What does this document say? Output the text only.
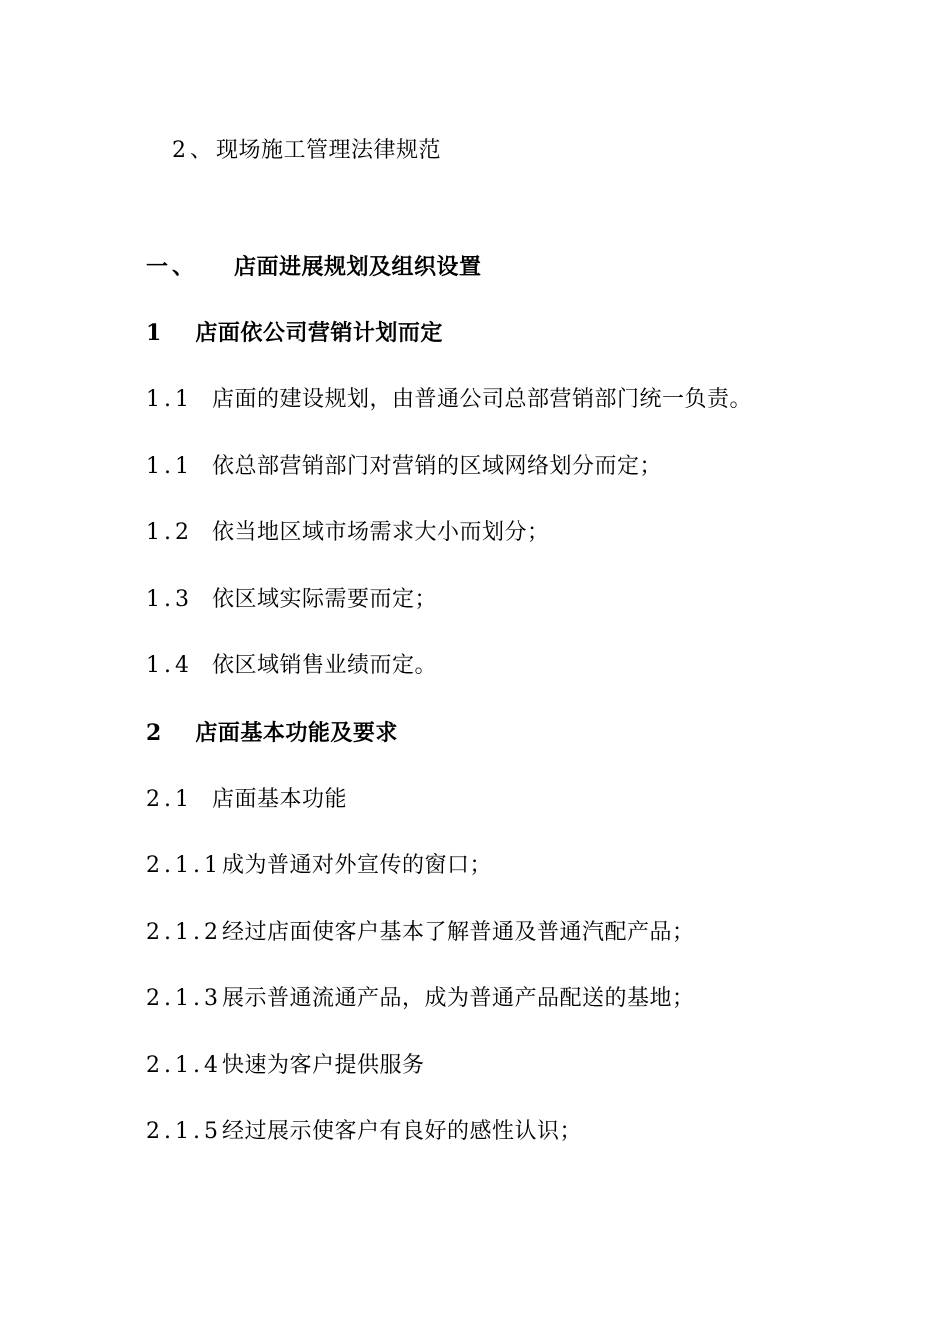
2、现场施工管理法律规范
一、 店面进展规划及组织设置
1 店面依公司营销计划而定
1.1 店面的建设规划，由普通公司总部营销部门统一负责。
1.1 依总部营销部门对营销的区域网络划分而定；
1.2 依当地区域市场需求大小而划分；
1.3 依区域实际需要而定；
1.4 依区域销售业绩而定。
2 店面基本功能及要求
2.1 店面基本功能
2.1.1成为普通对外宣传的窗口；
2.1.2经过店面使客户基本了解普通及普通汽配产品；
2.1.3展示普通流通产品，成为普通产品配送的基地；
2.1.4快速为客户提供服务
2.1.5经过展示使客户有良好的感性认识；
